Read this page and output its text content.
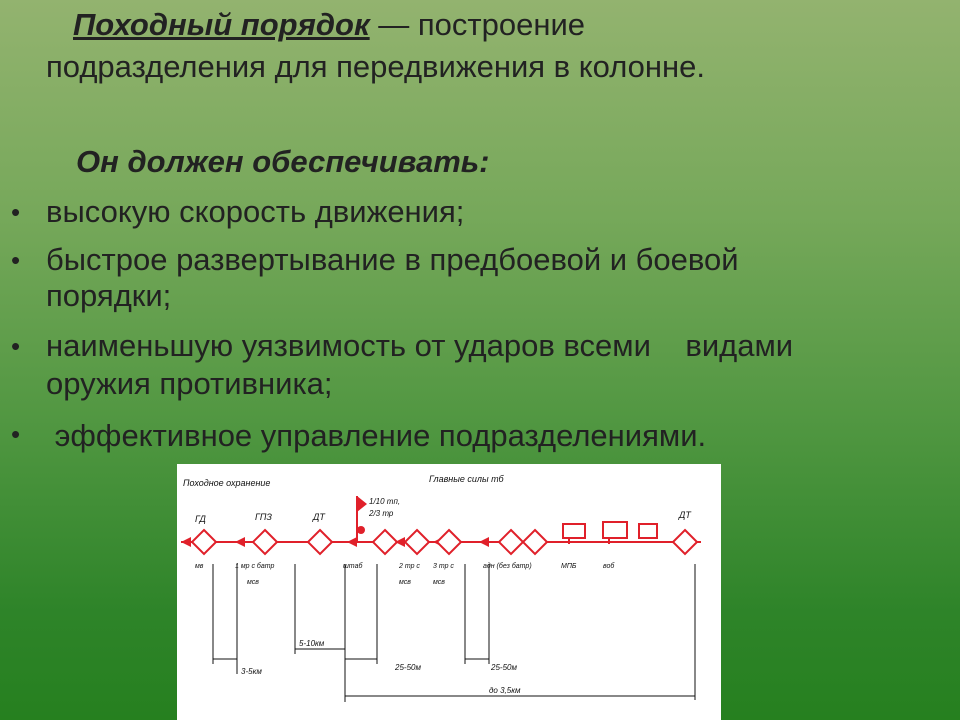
Походный порядок — построение
подразделения для передвижения в колонне.
Он должен обеспечивать:
• высокую скорость движения;
• быстрое развертывание в предбоевой и боевой
порядки;
• наименьшую уязвимость от ударов всеми    видами
оружия противника;
• эффективное управление подразделениями.
Походное охранение	Главные силы тб
ГД
мв
ГПЗ
1 мр с батр
мсв
ДТ
1/10 тп,
2/3 тр
штаб	2 тр с
мсв
3 тр с
мсв
адн (без батр)	МПБ	воб
ДТ
5-10км
3-5км	25-50м	25-50м
до 3,5км
